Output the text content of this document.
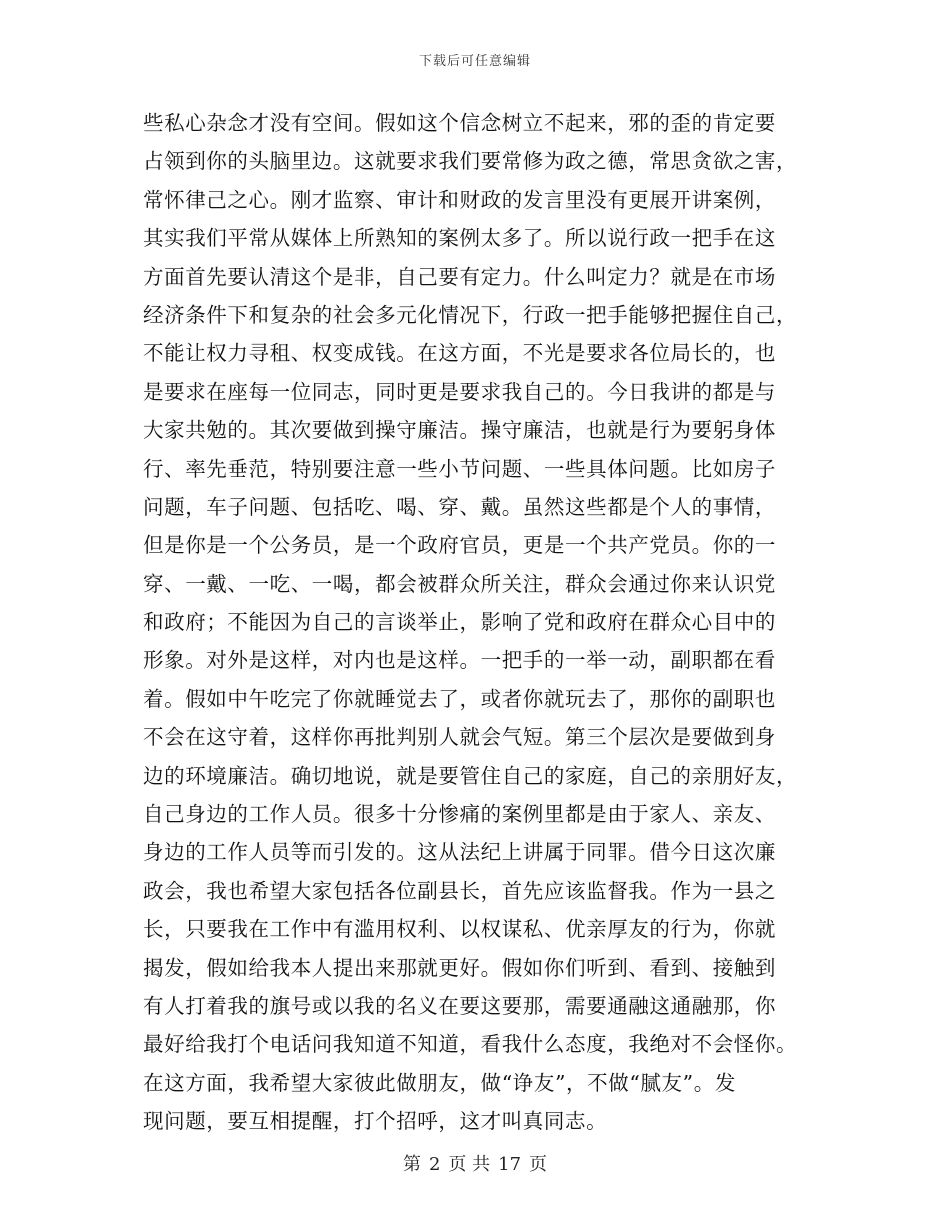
下载后可任意编辑
些私心杂念才没有空间。假如这个信念树立不起来，邪的歪的肯定要
占领到你的头脑里边。这就要求我们要常修为政之德，常思贪欲之害，
常怀律己之心。刚才监察、审计和财政的发言里没有更展开讲案例，
其实我们平常从媒体上所熟知的案例太多了。所以说行政一把手在这
方面首先要认清这个是非，自己要有定力。什么叫定力？就是在市场
经济条件下和复杂的社会多元化情况下，行政一把手能够把握住自己，
不能让权力寻租、权变成钱。在这方面，不光是要求各位局长的，也
是要求在座每一位同志，同时更是要求我自己的。今日我讲的都是与
大家共勉的。其次要做到操守廉洁。操守廉洁，也就是行为要躬身体
行、率先垂范，特别要注意一些小节问题、一些具体问题。比如房子
问题，车子问题、包括吃、喝、穿、戴。虽然这些都是个人的事情，
但是你是一个公务员，是一个政府官员，更是一个共产党员。你的一
穿、一戴、一吃、一喝，都会被群众所关注，群众会通过你来认识党
和政府；不能因为自己的言谈举止，影响了党和政府在群众心目中的
形象。对外是这样，对内也是这样。一把手的一举一动，副职都在看
着。假如中午吃完了你就睡觉去了，或者你就玩去了，那你的副职也
不会在这守着，这样你再批判别人就会气短。第三个层次是要做到身
边的环境廉洁。确切地说，就是要管住自己的家庭，自己的亲朋好友，
自己身边的工作人员。很多十分惨痛的案例里都是由于家人、亲友、
身边的工作人员等而引发的。这从法纪上讲属于同罪。借今日这次廉
政会，我也希望大家包括各位副县长，首先应该监督我。作为一县之
长，只要我在工作中有滥用权利、以权谋私、优亲厚友的行为，你就
揭发，假如给我本人提出来那就更好。假如你们听到、看到、接触到
有人打着我的旗号或以我的名义在要这要那，需要通融这通融那，你
最好给我打个电话问我知道不知道，看我什么态度，我绝对不会怪你。
在这方面，我希望大家彼此做朋友，做“诤友”，不做“腻友”。发
现问题，要互相提醒，打个招呼，这才叫真同志。
第 2 页 共 17 页
